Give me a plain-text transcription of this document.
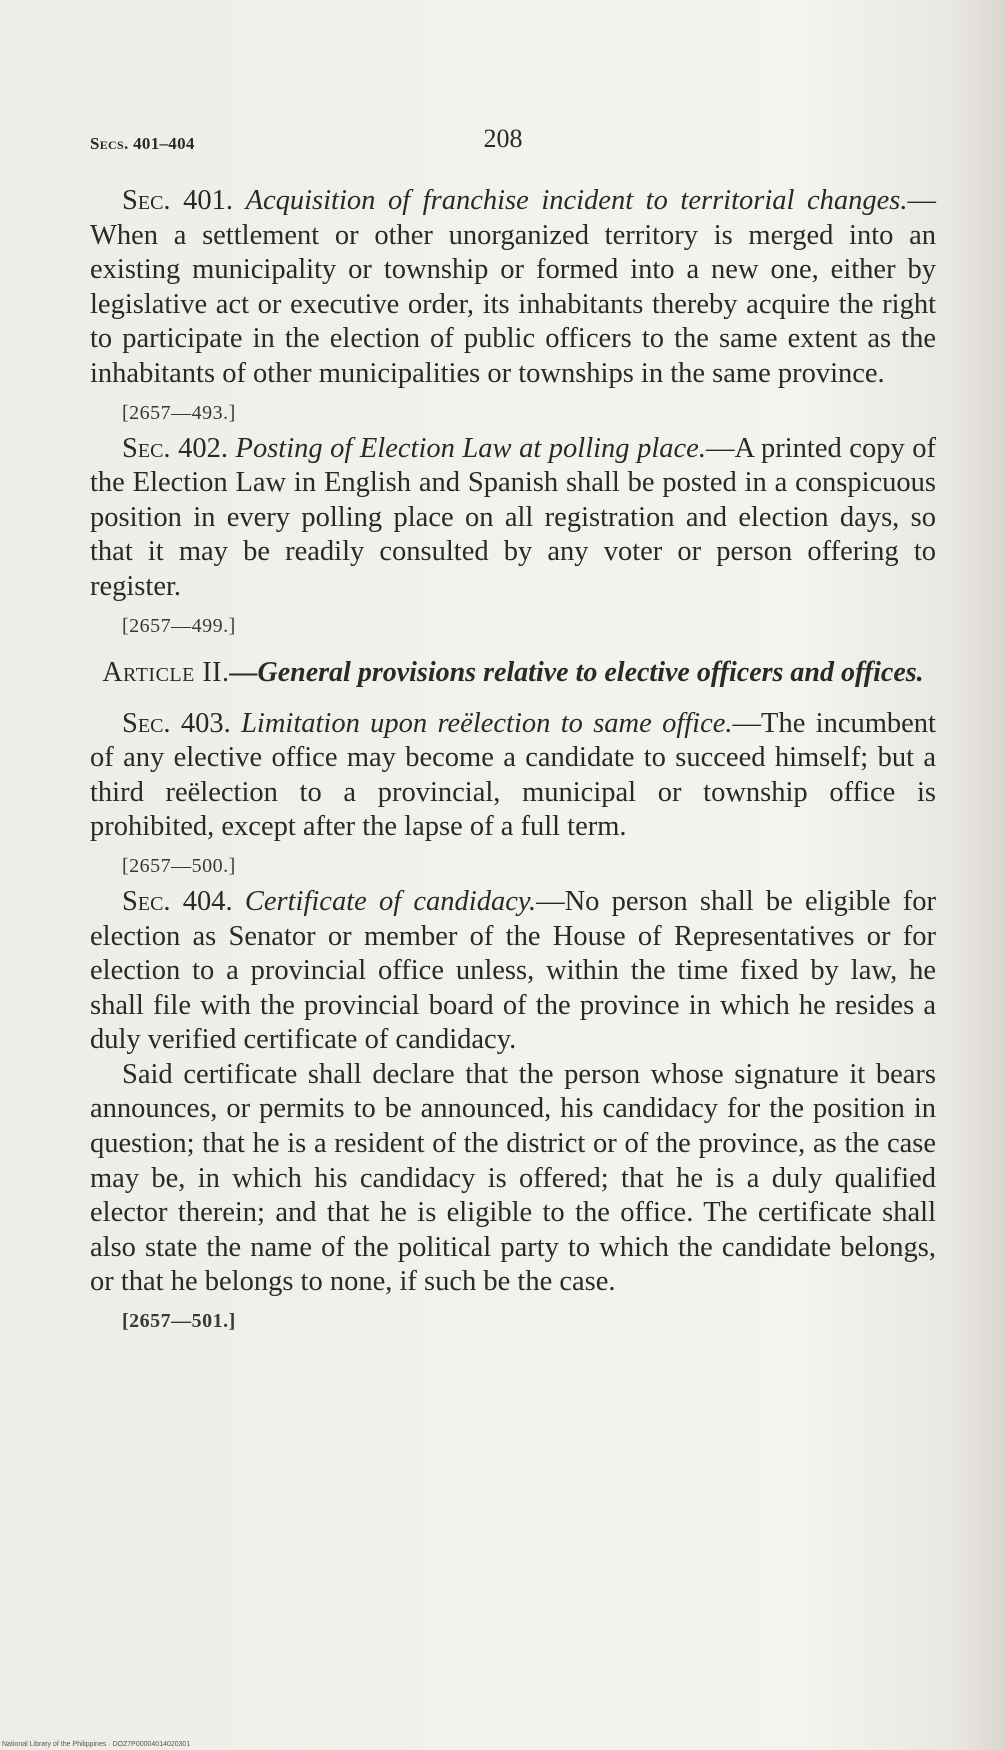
Secs. 401–404	208

Sec. 401. Acquisition of franchise incident to territorial changes.—When a settlement or other unorganized territory is merged into an existing municipality or township or formed into a new one, either by legislative act or executive order, its inhabitants thereby acquire the right to participate in the election of public officers to the same extent as the inhabitants of other municipalities or townships in the same province.

[2657—493.]

Sec. 402. Posting of Election Law at polling place.—A printed copy of the Election Law in English and Spanish shall be posted in a conspicuous position in every polling place on all registration and election days, so that it may be readily consulted by any voter or person offering to register.

[2657—499.]
Article II.—General provisions relative to elective officers and offices.

Sec. 403. Limitation upon reëlection to same office.—The incumbent of any elective office may become a candidate to succeed himself; but a third reëlection to a provincial, municipal or township office is prohibited, except after the lapse of a full term.

[2657—500.]

Sec. 404. Certificate of candidacy.—No person shall be eligible for election as Senator or member of the House of Representatives or for election to a provincial office unless, within the time fixed by law, he shall file with the provincial board of the province in which he resides a duly verified certificate of candidacy.

Said certificate shall declare that the person whose signature it bears announces, or permits to be announced, his candidacy for the position in question; that he is a resident of the district or of the province, as the case may be, in which his candidacy is offered; that he is a duly qualified elector therein; and that he is eligible to the office. The certificate shall also state the name of the political party to which the candidate belongs, or that he belongs to none, if such be the case.

[2657—501.]
National Library of the Philippines · DOZ7P00004014020301
